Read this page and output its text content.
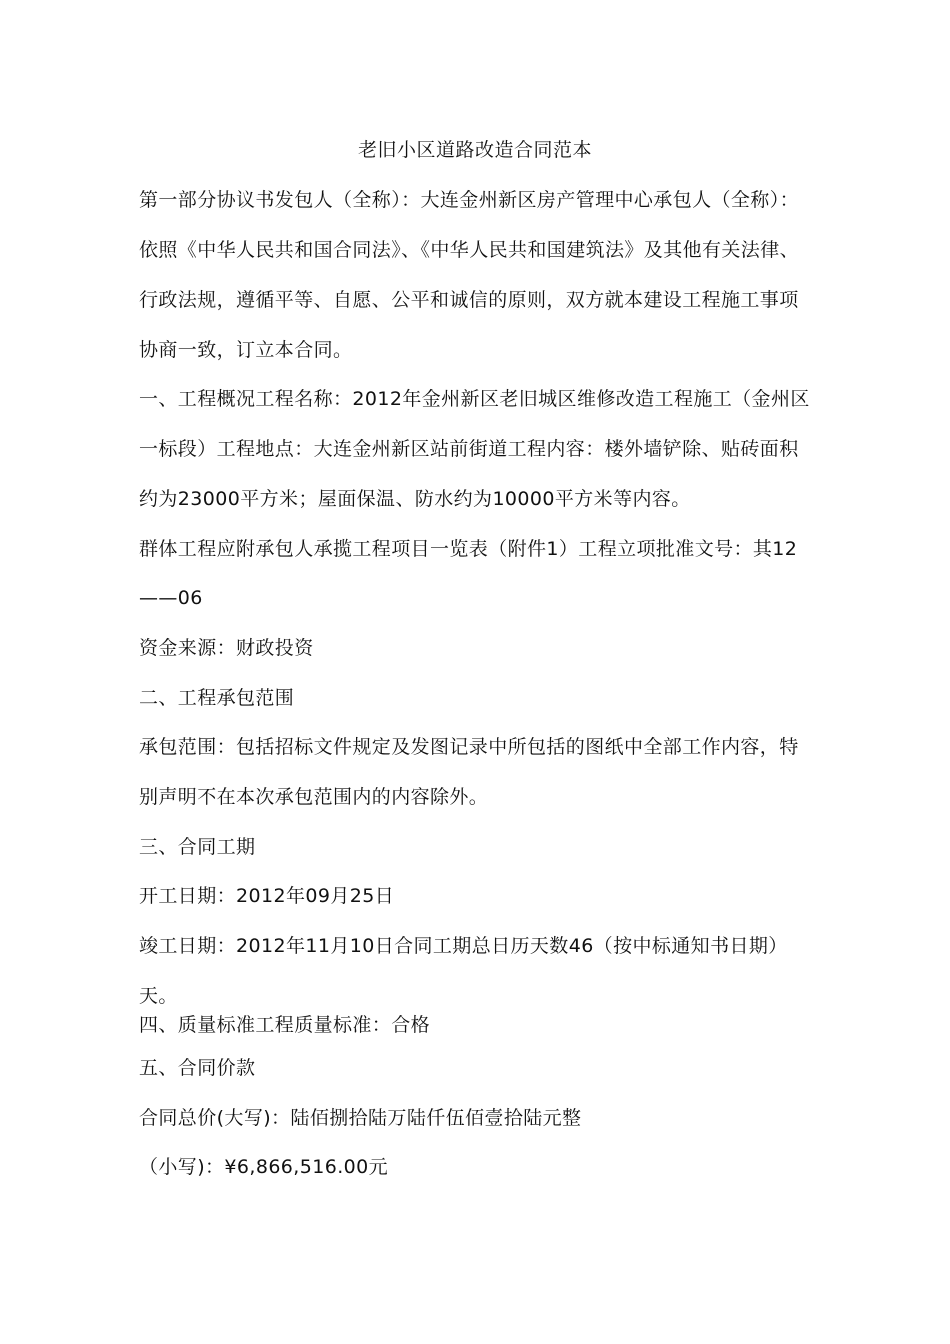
老旧小区道路改造合同范本
第一部分协议书发包人（全称）：大连金州新区房产管理中心承包人（全称）：
依照《中华人民共和国合同法》、《中华人民共和国建筑法》及其他有关法律、
行政法规，遵循平等、自愿、公平和诚信的原则，双方就本建设工程施工事项
协商一致，订立本合同。
一、工程概况工程名称：2012年金州新区老旧城区维修改造工程施工（金州区
一标段）工程地点：大连金州新区站前街道工程内容：楼外墙铲除、贴砖面积
约为23000平方米；屋面保温、防水约为10000平方米等内容。
群体工程应附承包人承揽工程项目一览表（附件1）工程立项批准文号：其12
——06
资金来源：财政投资
二、工程承包范围
承包范围：包括招标文件规定及发图记录中所包括的图纸中全部工作内容，特
别声明不在本次承包范围内的内容除外。
三、合同工期
开工日期：2012年09月25日
竣工日期：2012年11月10日合同工期总日历天数46（按中标通知书日期）
天。
四、质量标准工程质量标准：合格
五、合同价款
合同总价(大写)：陆佰捌拾陆万陆仟伍佰壹拾陆元整
（小写)：¥6,866,516.00元
